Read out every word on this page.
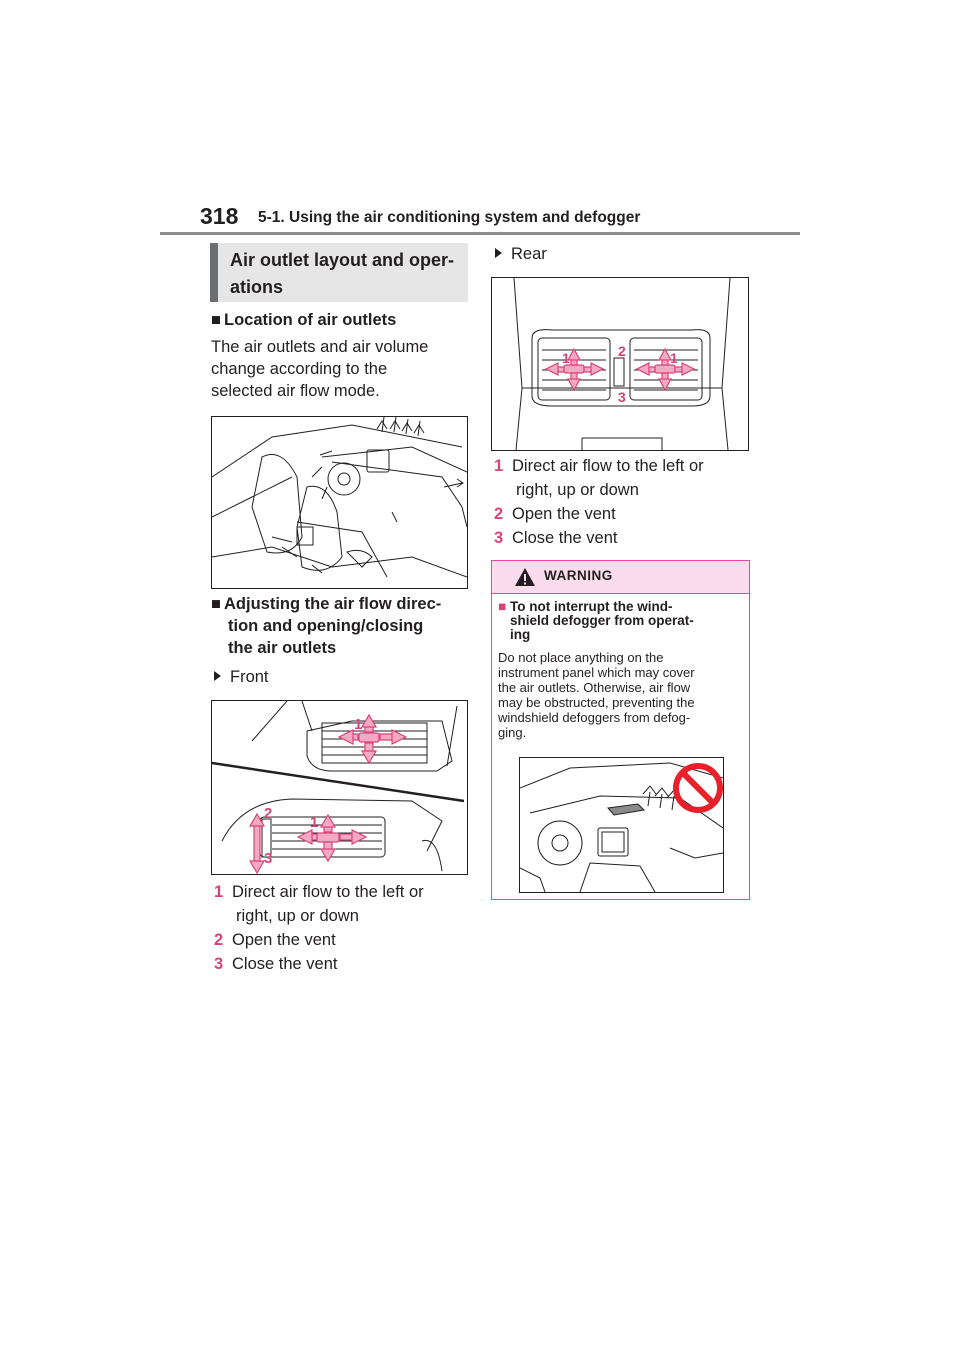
318 5-1. Using the air conditioning system and defogger
Air outlet layout and oper-
ations
■ Location of air outlets
The air outlets and air volume
change according to the
selected air flow mode.
■ Adjusting the air flow direc-
tion and opening/closing
the air outlets
Front
1
1
2
3
1 Direct air flow to the left or
right, up or down
2 Open the vent
3 Close the vent
Rear
1	2	1
3
1 Direct air flow to the left or
right, up or down
2 Open the vent
3 Close the vent
WARNING
■ To not interrupt the wind-
shield defogger from operat-
ing
Do not place anything on the
instrument panel which may cover
the air outlets. Otherwise, air flow
may be obstructed, preventing the
windshield defoggers from defog-
ging.
